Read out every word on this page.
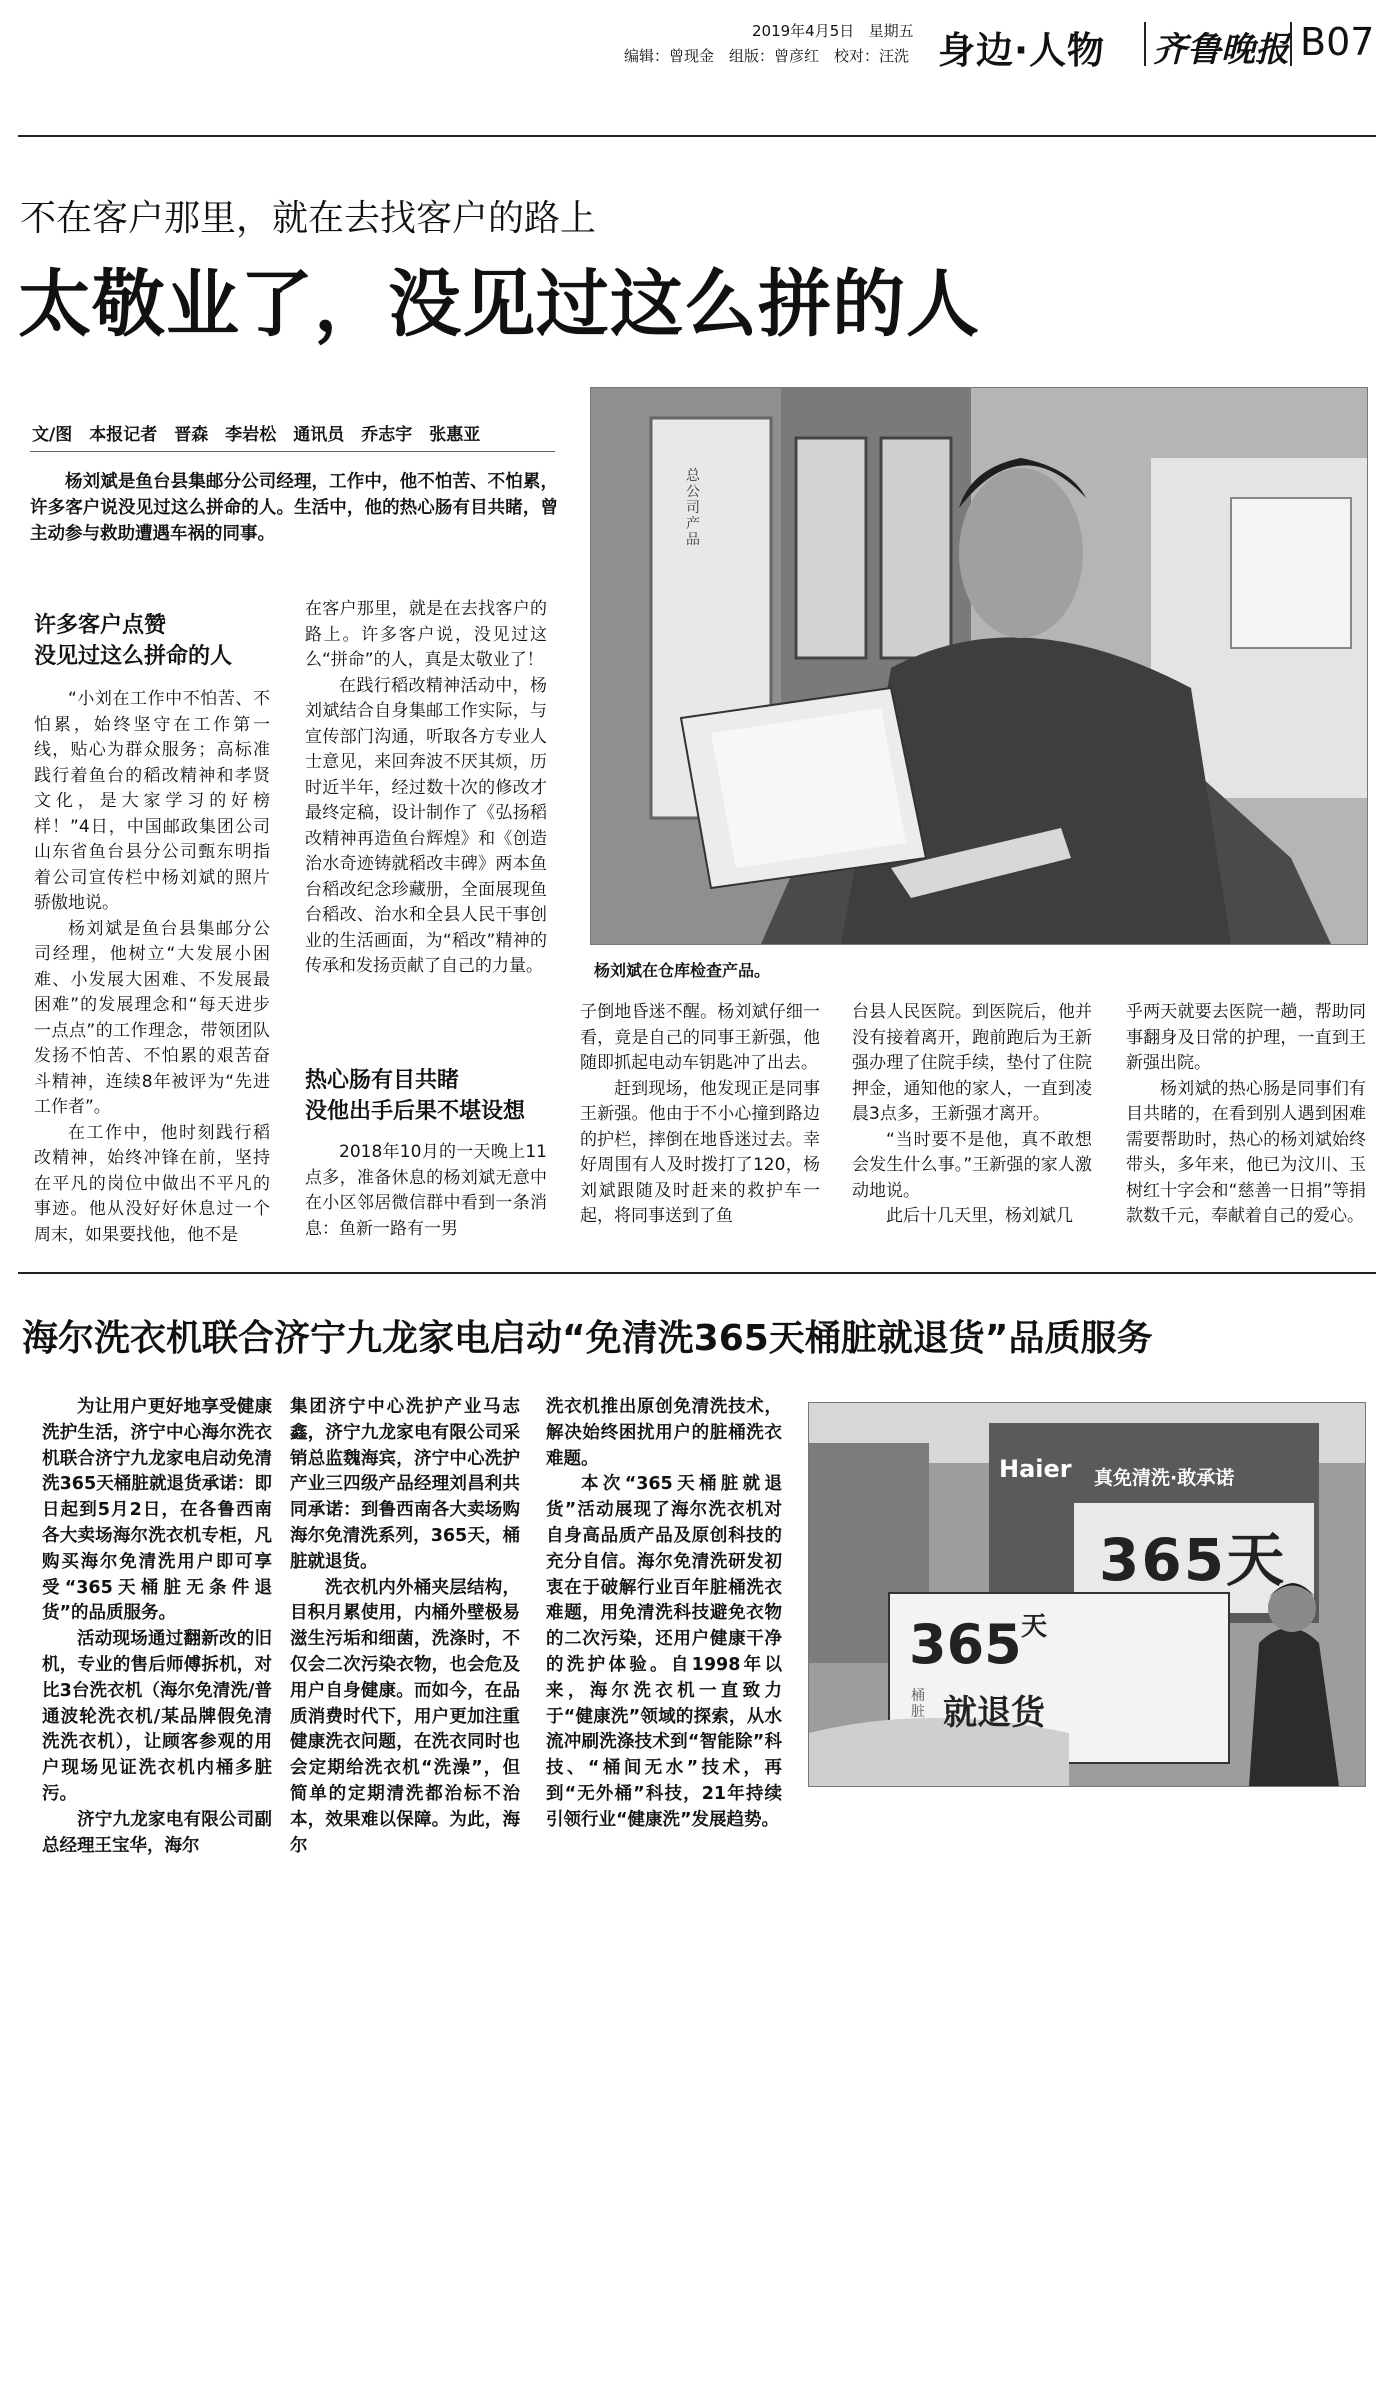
2019年4月5日 星期五
编辑：曾现金　组版：曾彦红　校对：汪洗 身边·人物 齐鲁晚报 B07
不在客户那里，就在去找客户的路上
太敬业了，没见过这么拼的人
文/图　本报记者　晋森　李岩松　通讯员　乔志宇　张惠亚

杨刘斌是鱼台县集邮分公司经理，工作中，他不怕苦、不怕累，许多客户说没见过这么拼命的人。生活中，他的热心肠有目共睹，曾主动参与救助遭遇车祸的同事。

许多客户点赞

没见过这么拼命的人

“小刘在工作中不怕苦、不怕累，始终坚守在工作第一线，贴心为群众服务；高标准践行着鱼台的稻改精神和孝贤文化，是大家学习的好榜样！”4日，中国邮政集团公司山东省鱼台县分公司甄东明指着公司宣传栏中杨刘斌的照片骄傲地说。

杨刘斌是鱼台县集邮分公司经理，他树立“大发展小困难、小发展大困难、不发展最困难”的发展理念和“每天进步一点点”的工作理念，带领团队发扬不怕苦、不怕累的艰苦奋斗精神，连续8年被评为“先进工作者”。

在工作中，他时刻践行稻改精神，始终冲锋在前，坚持在平凡的岗位中做出不平凡的事迹。他从没好好休息过一个周末，如果要找他，他不是

在客户那里，就是在去找客户的路上。许多客户说，没见过这么“拼命”的人，真是太敬业了！

在践行稻改精神活动中，杨刘斌结合自身集邮工作实际，与宣传部门沟通，听取各方专业人士意见，来回奔波不厌其烦，历时近半年，经过数十次的修改才最终定稿，设计制作了《弘扬稻改精神再造鱼台辉煌》和《创造治水奇迹铸就稻改丰碑》两本鱼台稻改纪念珍藏册，全面展现鱼台稻改、治水和全县人民干事创业的生活画面，为“稻改”精神的传承和发扬贡献了自己的力量。

热心肠有目共睹

没他出手后果不堪设想

2018年10月的一天晚上11点多，准备休息的杨刘斌无意中在小区邻居微信群中看到一条消息：鱼新一路有一男

总公司产品
杨刘斌在仓库检查产品。

子倒地昏迷不醒。杨刘斌仔细一看，竟是自己的同事王新强，他随即抓起电动车钥匙冲了出去。

赶到现场，他发现正是同事王新强。他由于不小心撞到路边的护栏，摔倒在地昏迷过去。幸好周围有人及时拨打了120，杨刘斌跟随及时赶来的救护车一起，将同事送到了鱼

台县人民医院。到医院后，他并没有接着离开，跑前跑后为王新强办理了住院手续，垫付了住院押金，通知他的家人，一直到凌晨3点多，王新强才离开。

“当时要不是他，真不敢想会发生什么事。”王新强的家人激动地说。

此后十几天里，杨刘斌几

乎两天就要去医院一趟，帮助同事翻身及日常的护理，一直到王新强出院。

杨刘斌的热心肠是同事们有目共睹的，在看到别人遇到困难需要帮助时，热心的杨刘斌始终带头，多年来，他已为汶川、玉树红十字会和“慈善一日捐”等捐款数千元，奉献着自己的爱心。

海尔洗衣机联合济宁九龙家电启动“免清洗365天桶脏就退货”品质服务

为让用户更好地享受健康洗护生活，济宁中心海尔洗衣机联合济宁九龙家电启动免清洗365天桶脏就退货承诺：即日起到5月2日，在各鲁西南各大卖场海尔洗衣机专柜，凡购买海尔免清洗用户即可享受“365天桶脏无条件退货”的品质服务。

活动现场通过翻新改的旧机，专业的售后师傅拆机，对比3台洗衣机（海尔免清洗/普通波轮洗衣机/某品牌假免清洗洗衣机），让顾客参观的用户现场见证洗衣机内桶多脏污。

济宁九龙家电有限公司副总经理王宝华，海尔

集团济宁中心洗护产业马志鑫，济宁九龙家电有限公司采销总监魏海宾，济宁中心洗护产业三四级产品经理刘昌利共同承诺：到鲁西南各大卖场购海尔免清洗系列，365天，桶脏就退货。

洗衣机内外桶夹层结构，目积月累使用，内桶外壁极易滋生污垢和细菌，洗涤时，不仅会二次污染衣物，也会危及用户自身健康。而如今，在品质消费时代下，用户更加注重健康洗衣问题，在洗衣同时也会定期给洗衣机“洗澡”，但简单的定期清洗都治标不治本，效果难以保障。为此，海尔

洗衣机推出原创免清洗技术，解决始终困扰用户的脏桶洗衣难题。

本次“365天桶脏就退货”活动展现了海尔洗衣机对自身高品质产品及原创科技的充分自信。海尔免清洗研发初衷在于破解行业百年脏桶洗衣难题，用免清洗科技避免衣物的二次污染，还用户健康干净的洗护体验。自1998年以来，海尔洗衣机一直致力于“健康洗”领域的探索，从水流冲刷洗涤技术到“智能除”科技、“桶间无水”技术，再到“无外桶”科技，21年持续引领行业“健康洗”发展趋势。

Haier 真免清洗·敢承诺
365天
365 天
桶脏 就退货
